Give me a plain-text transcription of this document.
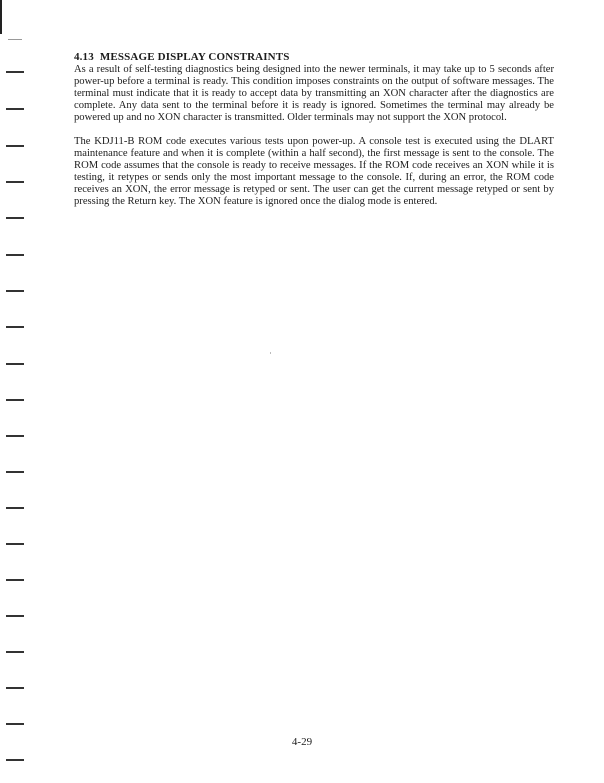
4.13 MESSAGE DISPLAY CONSTRAINTS

As a result of self-testing diagnostics being designed into the newer terminals, it may take up to 5 seconds after power-up before a terminal is ready. This condition imposes constraints on the output of software messages. The terminal must indicate that it is ready to accept data by transmitting an XON character after the diagnostics are complete. Any data sent to the terminal before it is ready is ignored. Sometimes the terminal may already be powered up and no XON character is transmitted. Older terminals may not support the XON protocol.

The KDJ11-B ROM code executes various tests upon power-up. A console test is executed using the DLART maintenance feature and when it is complete (within a half second), the first message is sent to the console. The ROM code assumes that the console is ready to receive messages. If the ROM code receives an XON while it is testing, it retypes or sends only the most important message to the console. If, during an error, the ROM code receives an XON, the error message is retyped or sent. The user can get the current message retyped or sent by pressing the Return key. The XON feature is ignored once the dialog mode is entered.

4-29
